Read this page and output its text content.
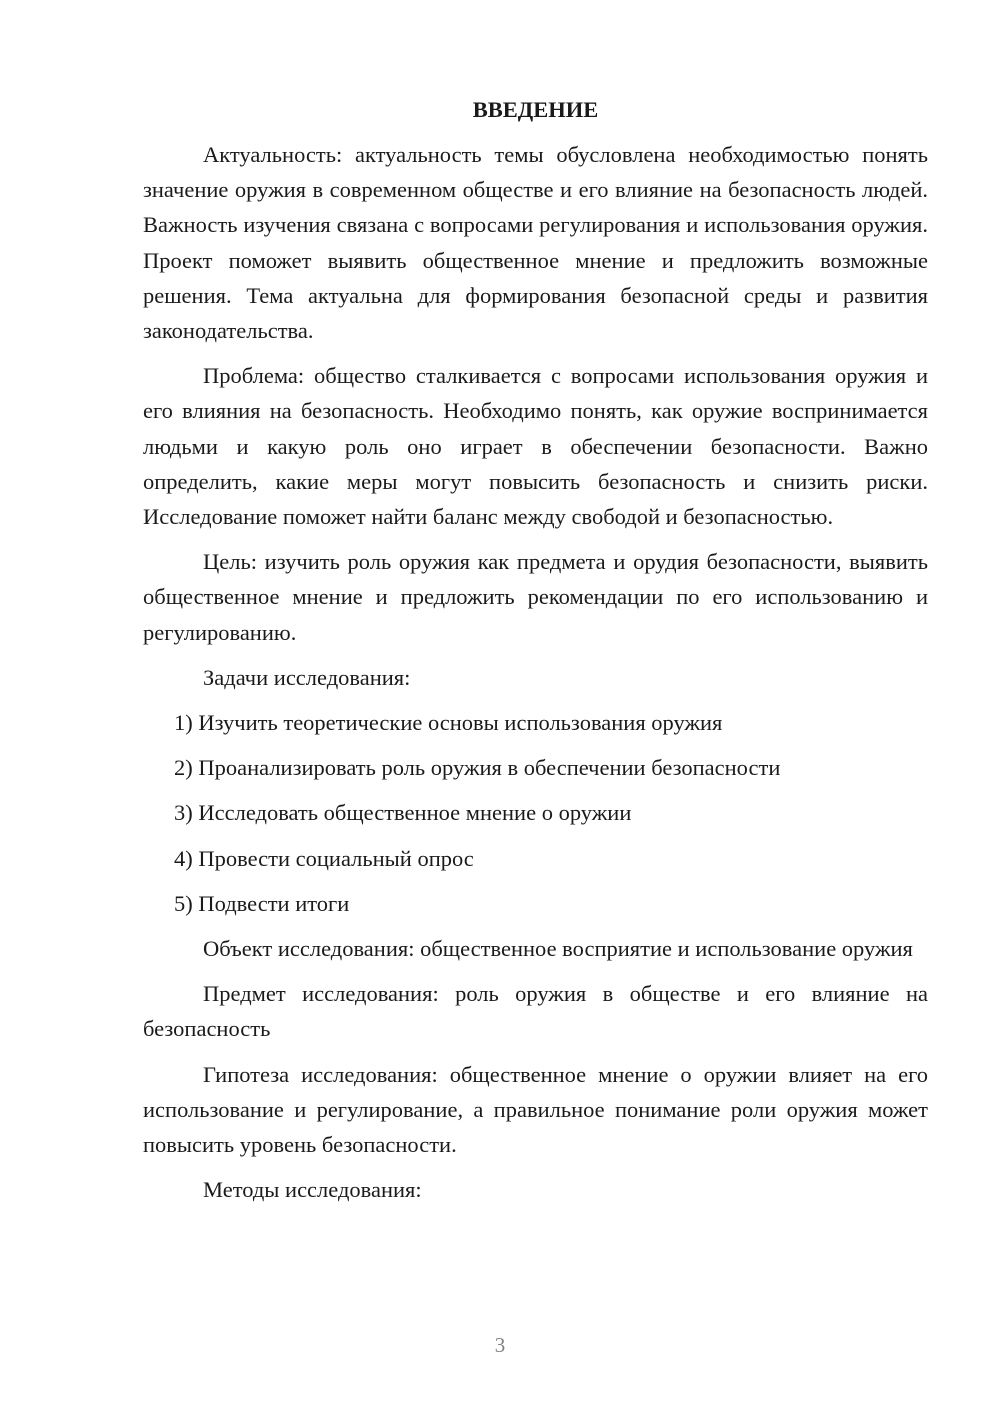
ВВЕДЕНИЕ

Актуальность: актуальность темы обусловлена необходимостью понять значение оружия в современном обществе и его влияние на безопасность людей. Важность изучения связана с вопросами регулирования и использования оружия. Проект поможет выявить общественное мнение и предложить возможные решения. Тема актуальна для формирования безопасной среды и развития законодательства.

Проблема: общество сталкивается с вопросами использования оружия и его влияния на безопасность. Необходимо понять, как оружие воспринимается людьми и какую роль оно играет в обеспечении безопасности. Важно определить, какие меры могут повысить безопасность и снизить риски. Исследование поможет найти баланс между свободой и безопасностью.

Цель: изучить роль оружия как предмета и орудия безопасности, выявить общественное мнение и предложить рекомендации по его использованию и регулированию.

Задачи исследования:

1) Изучить теоретические основы использования оружия

2) Проанализировать роль оружия в обеспечении безопасности

3) Исследовать общественное мнение о оружии

4) Провести социальный опрос

5) Подвести итоги

Объект исследования: общественное восприятие и использование оружия

Предмет исследования: роль оружия в обществе и его влияние на безопасность

Гипотеза исследования: общественное мнение о оружии влияет на его использование и регулирование, а правильное понимание роли оружия может повысить уровень безопасности.

Методы исследования:

3
